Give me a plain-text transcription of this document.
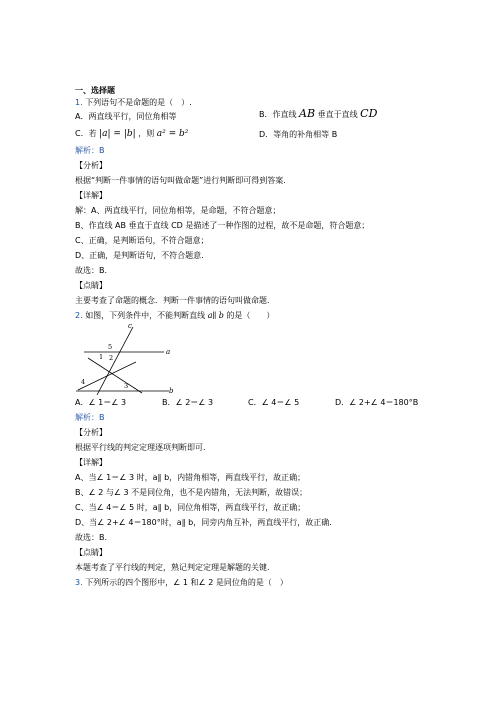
一、选择题
1. 下列语句不是命题的是（　）.
A．两直线平行，同位角相等	B．作直线 AB 垂直于直线 CD
C．若 |a| = |b| ，则 a² = b²	D．等角的补角相等 B
解析：B
【分析】
根据“判断一件事情的语句叫做命题”进行判断即可得到答案.
【详解】
解：A、两直线平行，同位角相等，是命题，不符合题意；
B、作直线 AB 垂直于直线 CD 是描述了一种作图的过程，故不是命题，符合题意；
C、正确，是判断语句，不符合题意；
D、正确，是判断语句，不符合题意.
故选：B.
【点睛】
主要考查了命题的概念．判断一件事情的语句叫做命题.
2. 如图，下列条件中，不能判断直线 a∥ b 的是（　　）
c
a
b
1 2
3
4
5
A．∠ 1＝∠ 3	B．∠ 2＝∠ 3	C．∠ 4＝∠ 5	D．∠ 2+∠ 4＝180°B
解析：B
【分析】
根据平行线的判定定理逐项判断即可.
【详解】
A、当∠ 1＝∠ 3 时，a∥ b，内错角相等，两直线平行，故正确；
B、∠ 2 与∠ 3 不是同位角，也不是内错角，无法判断，故错误；
C、当∠ 4＝∠ 5 时，a∥ b，同位角相等，两直线平行，故正确；
D、当∠ 2+∠ 4＝180°时，a∥ b，同旁内角互补，两直线平行，故正确.
故选：B.
【点睛】
本题考查了平行线的判定，熟记判定定理是解题的关键.
3. 下列所示的四个图形中，∠ 1 和∠ 2 是同位角的是（　）
